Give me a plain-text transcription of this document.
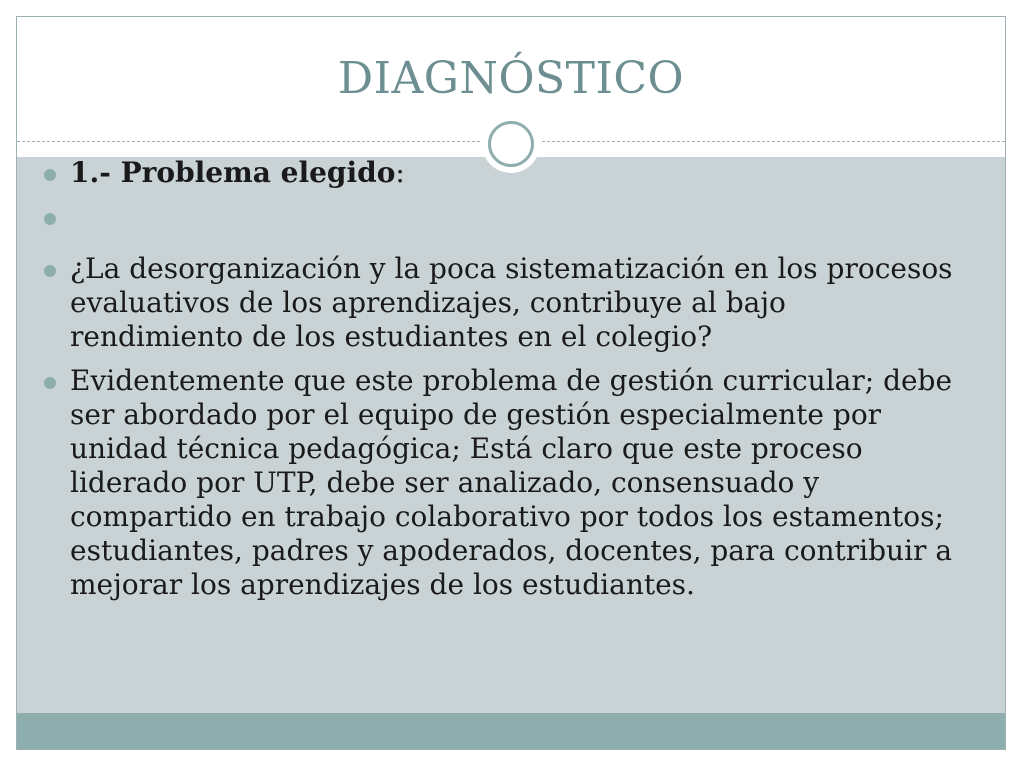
DIAGNÓSTICO
1.- Problema elegido:
¿La desorganización y la poca sistematización en los procesos evaluativos de los aprendizajes, contribuye al bajo rendimiento de los estudiantes en el colegio?
Evidentemente que este problema de gestión curricular; debe ser abordado por el equipo de gestión especialmente por unidad técnica pedagógica; Está claro que este proceso liderado por UTP, debe ser analizado, consensuado y compartido en trabajo colaborativo por todos los estamentos; estudiantes, padres y apoderados, docentes, para contribuir a mejorar los aprendizajes de los estudiantes.
